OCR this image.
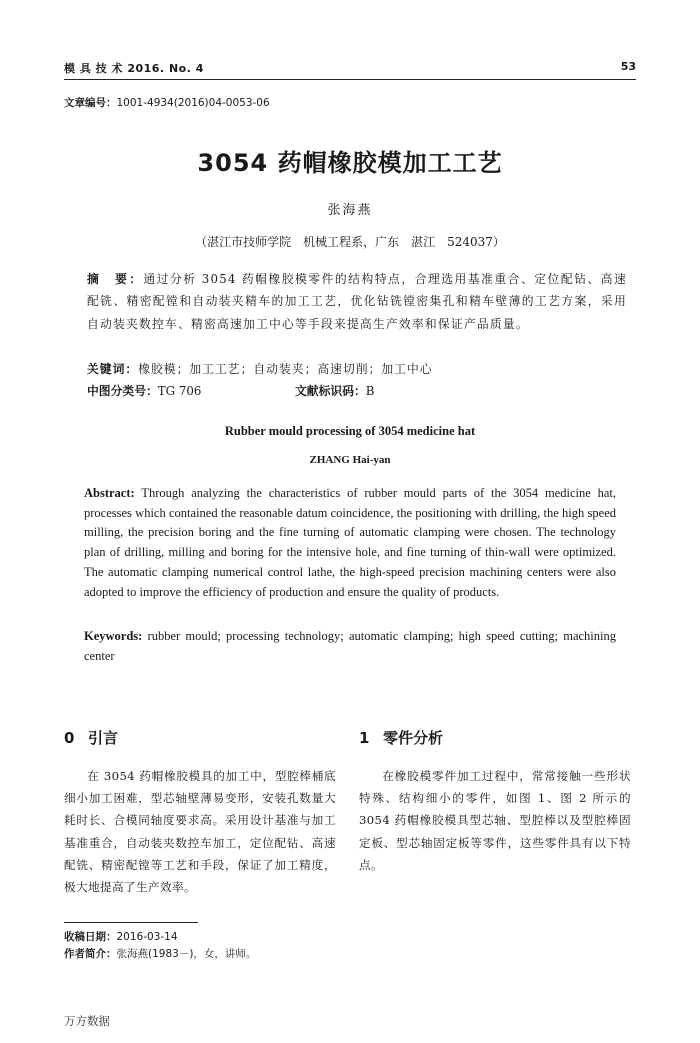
模 具 技 术 2016. No. 4	53
文章编号：1001-4934(2016)04-0053-06
3054 药帽橡胶模加工工艺
张海燕
（湛江市技师学院　机械工程系，广东　湛江　524037）
摘　要：通过分析 3054 药帽橡胶模零件的结构特点，合理选用基准重合、定位配钻、高速配铣、精密配镗和自动装夹精车的加工工艺，优化钻铣镗密集孔和精车壁薄的工艺方案，采用自动装夹数控车、精密高速加工中心等手段来提高生产效率和保证产品质量。
关键词：橡胶模；加工工艺；自动装夹；高速切削；加工中心
中图分类号：TG 706	文献标识码：B
Rubber mould processing of 3054 medicine hat
ZHANG Hai-yan
Abstract: Through analyzing the characteristics of rubber mould parts of the 3054 medicine hat, processes which contained the reasonable datum coincidence, the positioning with drilling, the high speed milling, the precision boring and the fine turning of automatic clamping were chosen. The technology plan of drilling, milling and boring for the intensive hole, and fine turning of thin-wall were optimized. The automatic clamping numerical control lathe, the high-speed precision machining centers were also adopted to improve the efficiency of production and ensure the quality of products.
Keywords: rubber mould; processing technology; automatic clamping; high speed cutting; machining center
0 引言
在 3054 药帽橡胶模具的加工中，型腔棒桶底细小加工困难，型芯轴壁薄易变形，安装孔数量大耗时长、合模同轴度要求高。采用设计基准与加工基准重合，自动装夹数控车加工，定位配钻、高速配铣、精密配镗等工艺和手段，保证了加工精度，极大地提高了生产效率。
1 零件分析
在橡胶模零件加工过程中，常常接触一些形状特殊、结构细小的零件，如图 1、图 2 所示的 3054 药帽橡胶模具型芯轴、型腔棒以及型腔棒固定板、型芯轴固定板等零件，这些零件具有以下特点。
收稿日期：2016-03-14
作者简介：张海燕(1983－)，女，讲师。
万方数据
